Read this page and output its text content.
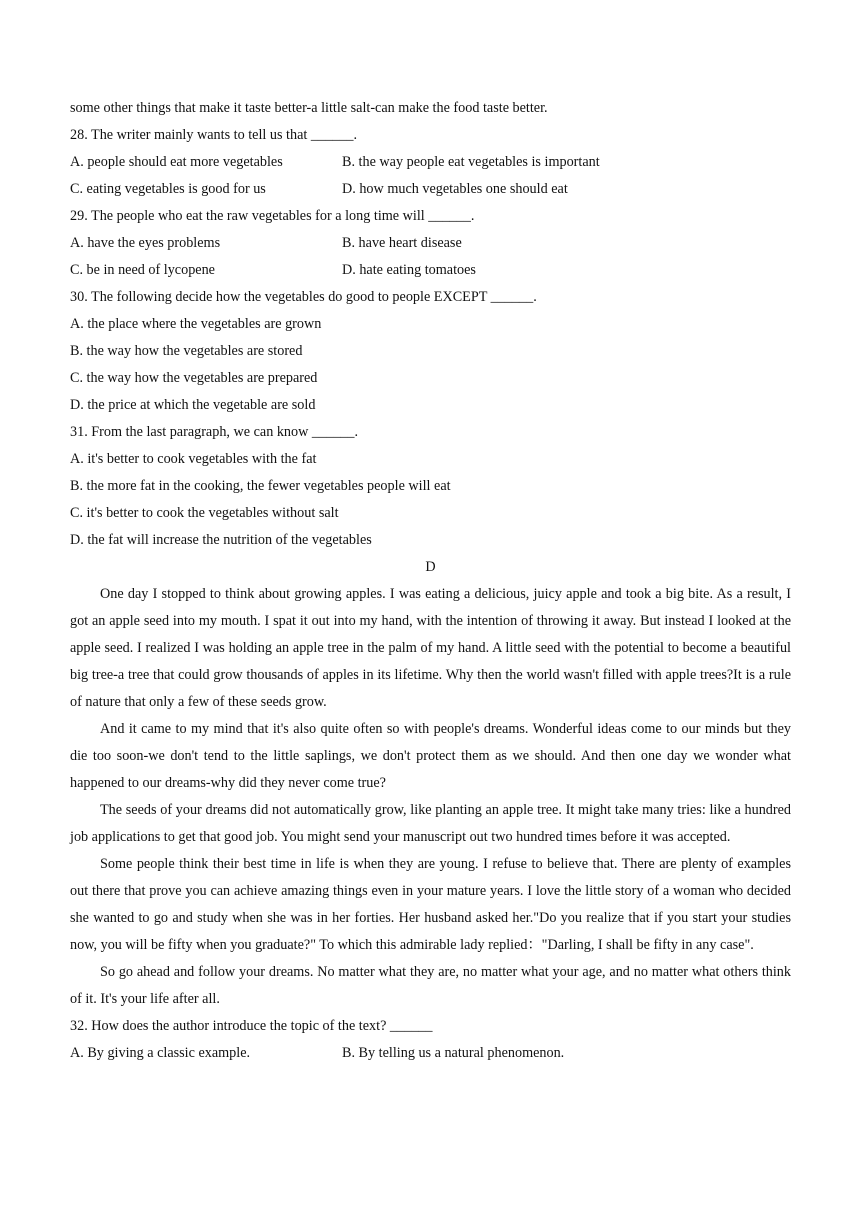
some other things that make it taste better-a little salt-can make the food taste better.
28. The writer mainly wants to tell us that ______.
A. people should eat more vegetables	B. the way people eat vegetables is important
C. eating vegetables is good for us	D. how much vegetables one should eat
29. The people who eat the raw vegetables for a long time will ______.
A. have the eyes problems	B. have heart disease
C. be in need of lycopene	D. hate eating tomatoes
30. The following decide how the vegetables do good to people EXCEPT ______.
A. the place where the vegetables are grown
B. the way how the vegetables are stored
C. the way how the vegetables are prepared
D. the price at which the vegetable are sold
31. From the last paragraph, we can know ______.
A. it's better to cook vegetables with the fat
B. the more fat in the cooking, the fewer vegetables people will eat
C. it's better to cook the vegetables without salt
D. the fat will increase the nutrition of the vegetables
D

One day I stopped to think about growing apples. I was eating a delicious, juicy apple and took a big bite. As a result, I got an apple seed into my mouth. I spat it out into my hand, with the intention of throwing it away. But instead I looked at the apple seed. I realized I was holding an apple tree in the palm of my hand. A little seed with the potential to become a beautiful big tree-a tree that could grow thousands of apples in its lifetime. Why then the world wasn't filled with apple trees?It is a rule of nature that only a few of these seeds grow.

And it came to my mind that it's also quite often so with people's dreams. Wonderful ideas come to our minds but they die too soon-we don't tend to the little saplings, we don't protect them as we should. And then one day we wonder what happened to our dreams-why did they never come true?

The seeds of your dreams did not automatically grow, like planting an apple tree. It might take many tries: like a hundred job applications to get that good job. You might send your manuscript out two hundred times before it was accepted.

Some people think their best time in life is when they are young. I refuse to believe that. There are plenty of examples out there that prove you can achieve amazing things even in your mature years. I love the little story of a woman who decided she wanted to go and study when she was in her forties. Her husband asked her."Do you realize that if you start your studies now, you will be fifty when you graduate?" To which this admirable lady replied："Darling, I shall be fifty in any case".

So go ahead and follow your dreams. No matter what they are, no matter what your age, and no matter what others think of it. It's your life after all.

32. How does the author introduce the topic of the text? ______
A. By giving a classic example.	B. By telling us a natural phenomenon.
